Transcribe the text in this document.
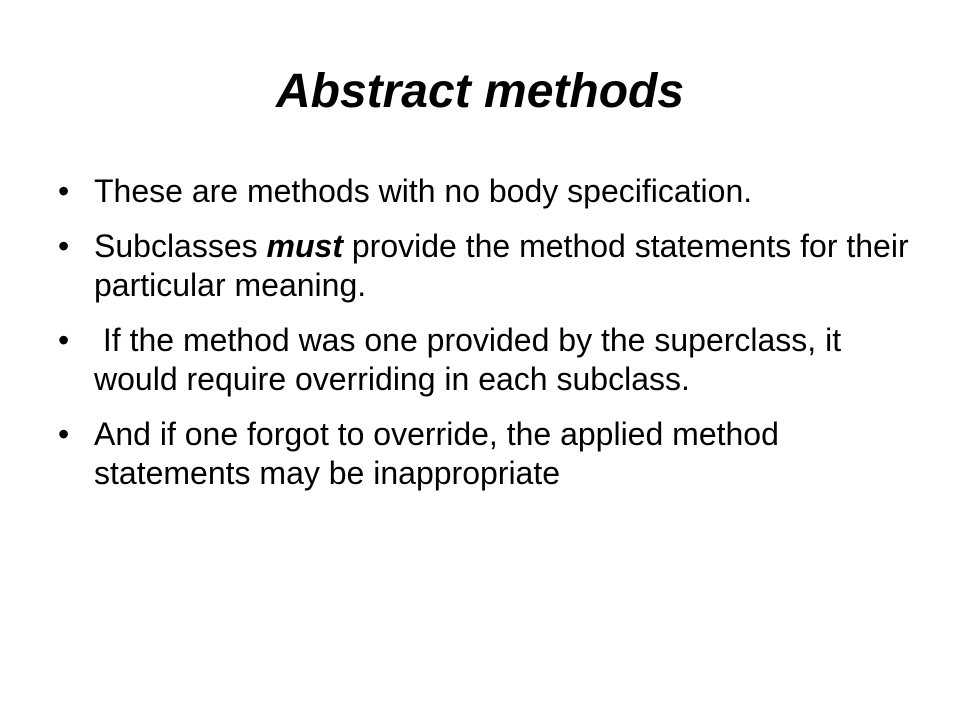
Abstract methods
• These are methods with no body specification.
• Subclasses must provide the method statements for their particular meaning.
• If the method was one provided by the superclass, it would require overriding in each subclass.
• And if one forgot to override, the applied method statements may be inappropriate
